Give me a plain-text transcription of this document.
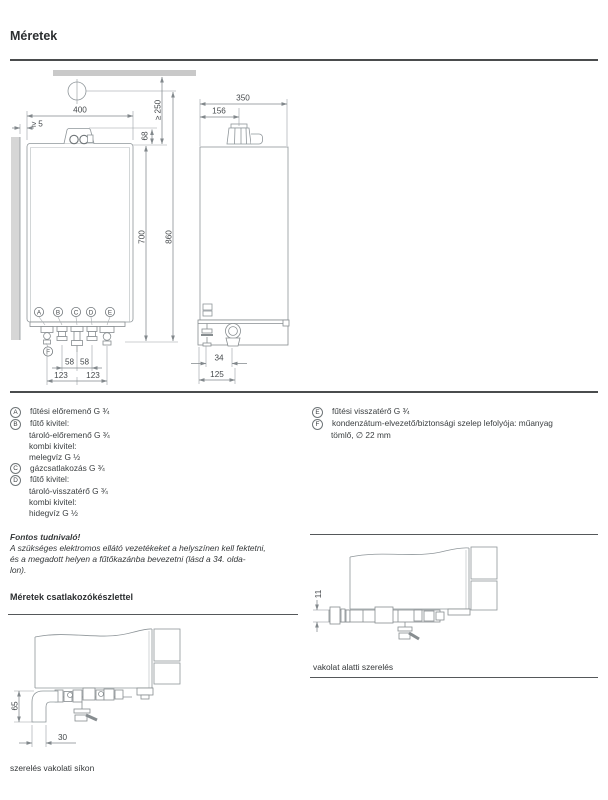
Méretek
A B C D E
F
400
≥ 5
68
≥ 250
700 860
58 58
123 123
350
156
34
125
A	fűtési előremenő G ¾
B	fűtő kivitel:
tároló-előremenő G ¾
kombi kivitel:
melegvíz G ½
C	gázcsatlakozás G ¾
D	fűtő kivitel:
tároló-visszatérő G ¾
kombi kivitel:
hidegvíz G ½
E	fűtési visszatérő G ¾
F	kondenzátum-elvezető/biztonsági szelep lefolyója: műanyag
tömlő, ∅ 22 mm
Fontos tudnivaló!
A szükséges elektromos ellátó vezetékeket a helyszínen kell fektetni,
és a megadott helyen a fűtőkazánba bevezetni (lásd a 34. olda-
lon).
Méretek csatlakozókészlettel
65
30
szerelés vakolati síkon
11
vakolat alatti szerelés
